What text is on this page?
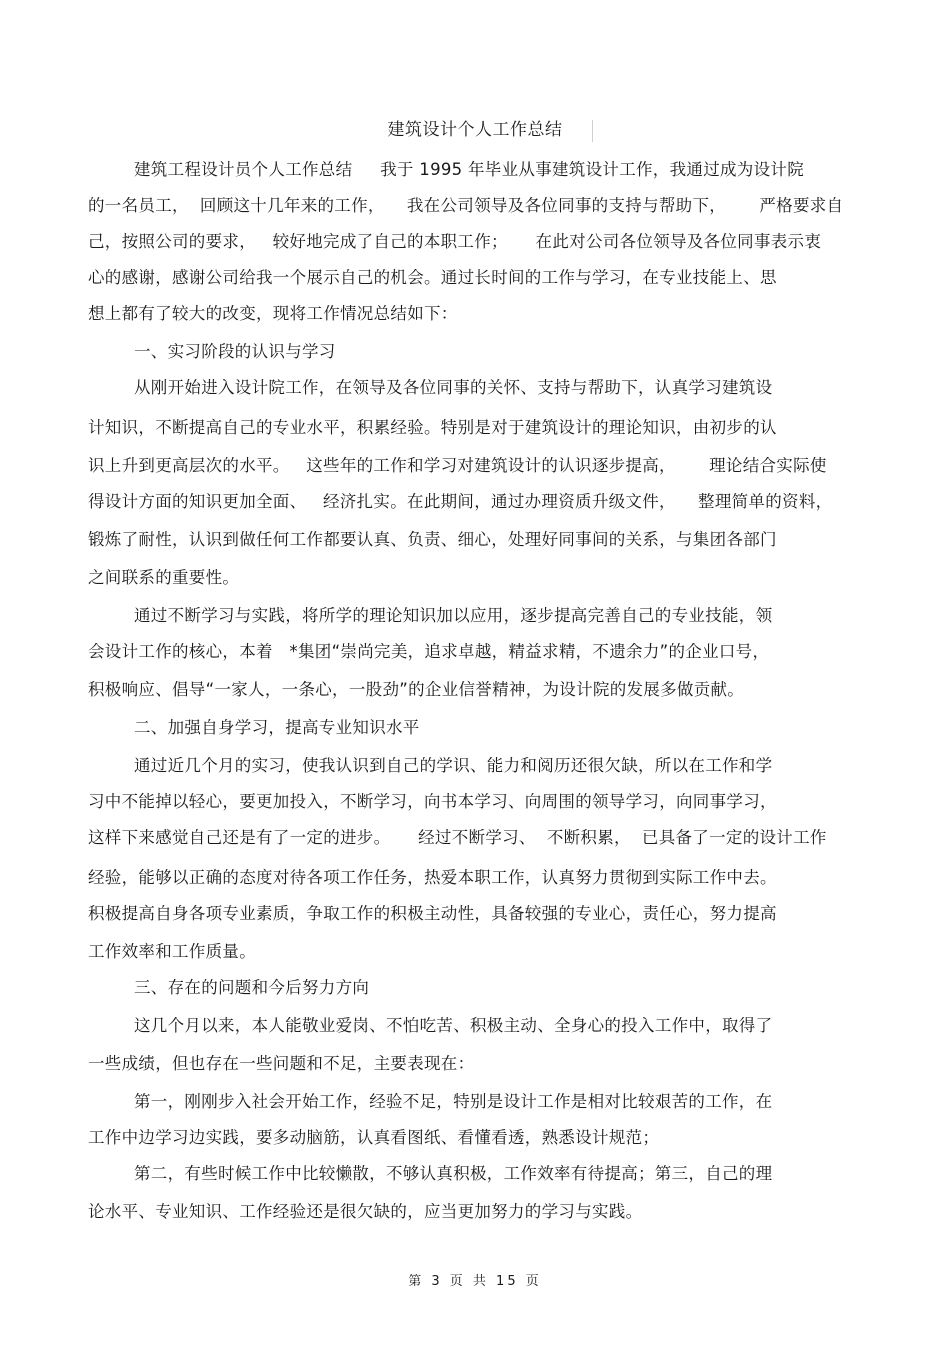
建筑设计个人工作总结
建筑工程设计员个人工作总结     我于 1995 年毕业从事建筑设计工作，我通过成为设计院
的一名员工，  回顾这十几年来的工作，    我在公司领导及各位同事的支持与帮助下，      严格要求自
己，按照公司的要求，   较好地完成了自己的本职工作；     在此对公司各位领导及各位同事表示衷
心的感谢，感谢公司给我一个展示自己的机会。通过长时间的工作与学习，在专业技能上、思
想上都有了较大的改变，现将工作情况总结如下：
一、实习阶段的认识与学习
从刚开始进入设计院工作，在领导及各位同事的关怀、支持与帮助下，认真学习建筑设
计知识，不断提高自己的专业水平，积累经验。特别是对于建筑设计的理论知识，由初步的认
识上升到更高层次的水平。   这些年的工作和学习对建筑设计的认识逐步提高，      理论结合实际使
得设计方面的知识更加全面、   经济扎实。在此期间，通过办理资质升级文件，    整理简单的资料，
锻炼了耐性，认识到做任何工作都要认真、负责、细心，处理好同事间的关系，与集团各部门
之间联系的重要性。
通过不断学习与实践，将所学的理论知识加以应用，逐步提高完善自己的专业技能，领
会设计工作的核心，本着   *集团“崇尚完美，追求卓越，精益求精，不遗余力”的企业口号，
积极响应、倡导“一家人，一条心，一股劲”的企业信誉精神，为设计院的发展多做贡献。
二、加强自身学习，提高专业知识水平
通过近几个月的实习，使我认识到自己的学识、能力和阅历还很欠缺，所以在工作和学
习中不能掉以轻心，要更加投入，不断学习，向书本学习、向周围的领导学习，向同事学习，
这样下来感觉自己还是有了一定的进步。     经过不断学习、  不断积累，  已具备了一定的设计工作
经验，能够以正确的态度对待各项工作任务，热爱本职工作，认真努力贯彻到实际工作中去。
积极提高自身各项专业素质，争取工作的积极主动性，具备较强的专业心，责任心，努力提高
工作效率和工作质量。
三、存在的问题和今后努力方向
这几个月以来，本人能敬业爱岗、不怕吃苦、积极主动、全身心的投入工作中，取得了
一些成绩，但也存在一些问题和不足，主要表现在：
第一，刚刚步入社会开始工作，经验不足，特别是设计工作是相对比较艰苦的工作，在
工作中边学习边实践，要多动脑筋，认真看图纸、看懂看透，熟悉设计规范；
第二，有些时候工作中比较懒散，不够认真积极，工作效率有待提高；第三，自己的理
论水平、专业知识、工作经验还是很欠缺的，应当更加努力的学习与实践。
第 3 页 共 15 页
